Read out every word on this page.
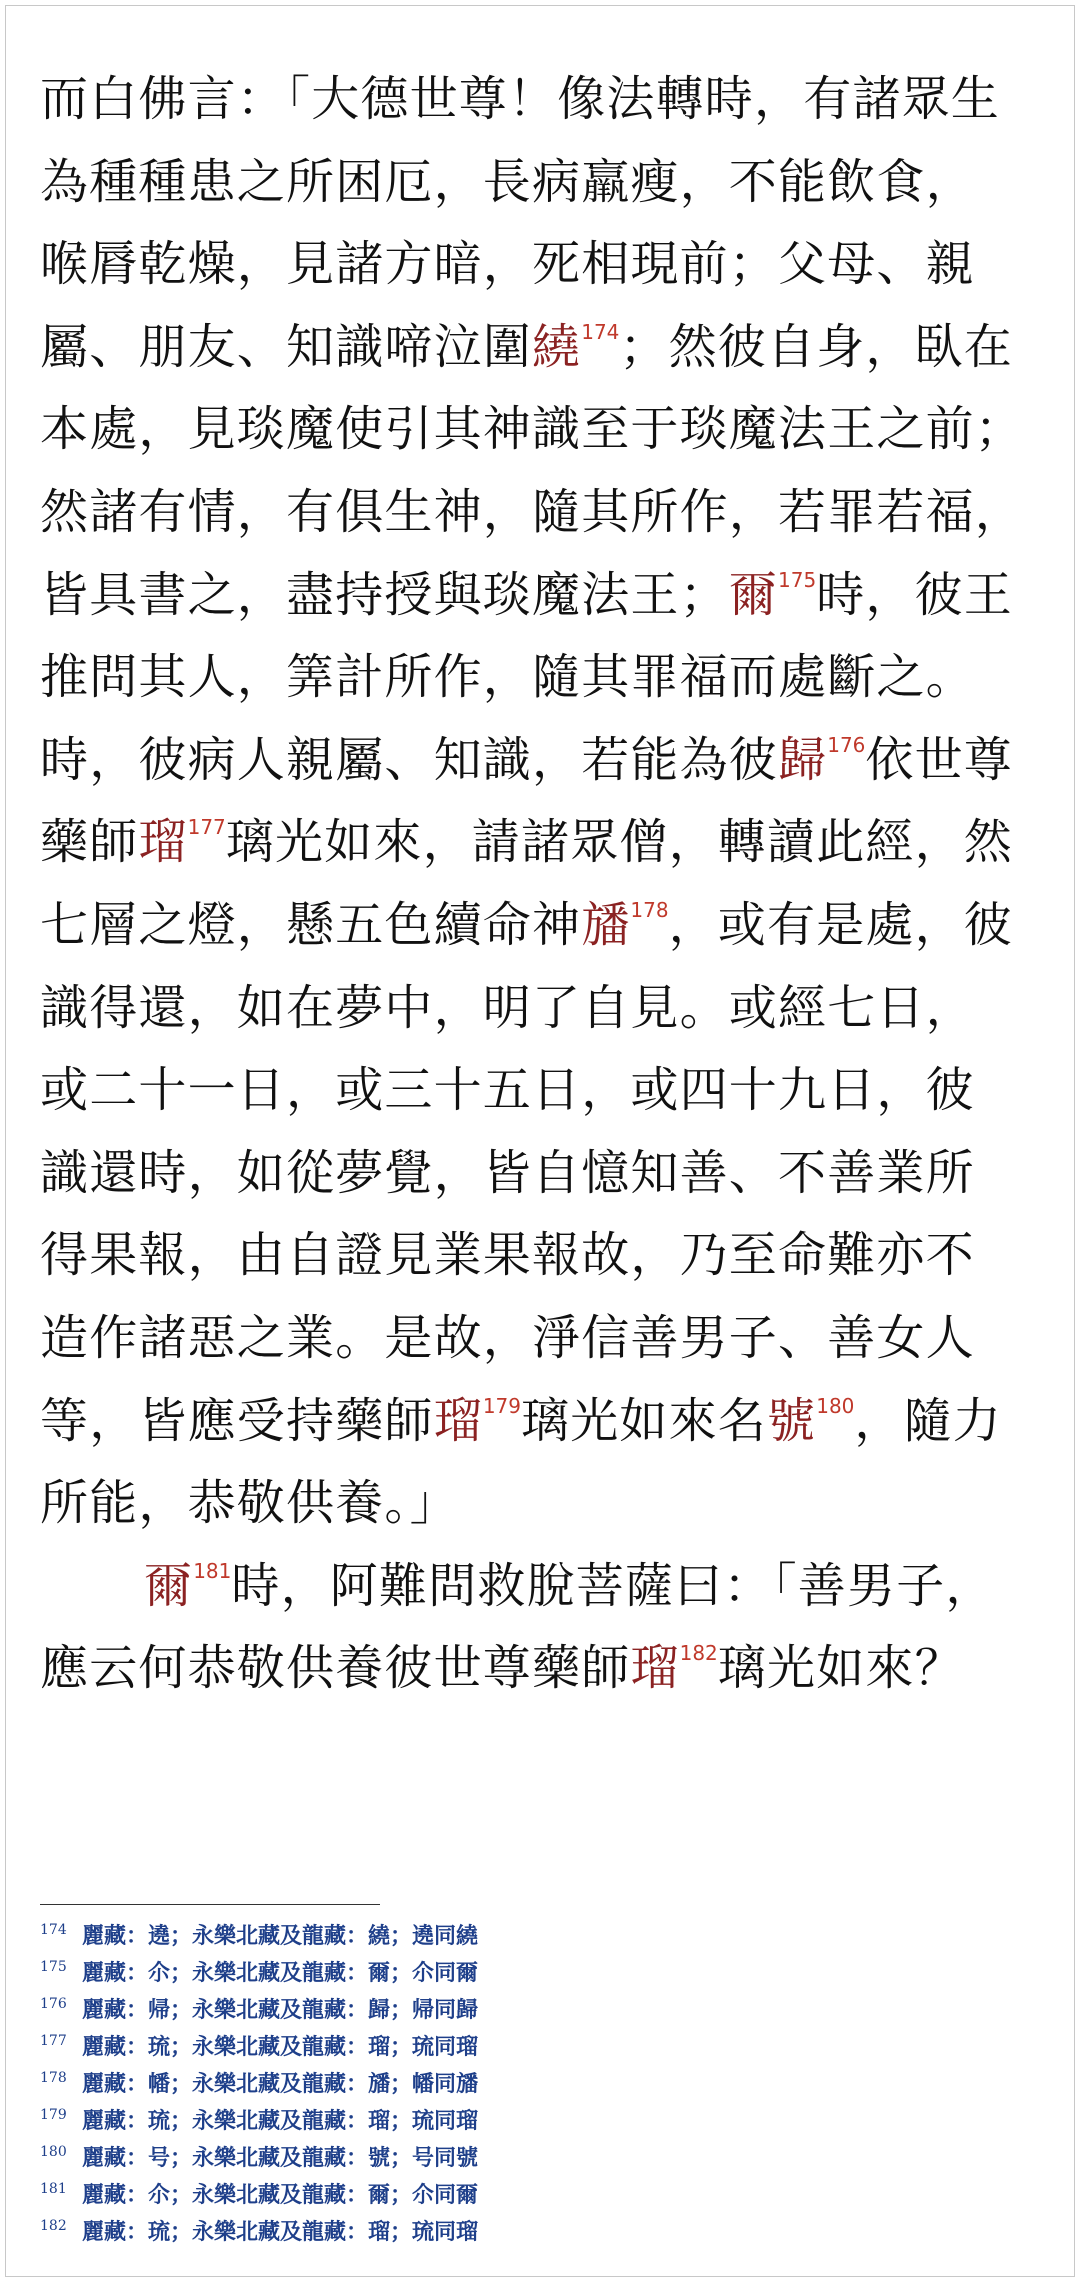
而白佛言：「大德世尊！像法轉時，有諸眾生
為種種患之所困厄，長病羸瘦，不能飲食，
喉脣乾燥，見諸方暗，死相現前；父母、親
屬、朋友、知識啼泣圍繞$^{174}$；然彼自身，臥在
本處，見琰魔使引其神識至于琰魔法王之前；
然諸有情，有俱生神，隨其所作，若罪若福，
皆具書之，盡持授與琰魔法王；爾$^{175}$時，彼王
推問其人，筭計所作，隨其罪福而處斷之。
時，彼病人親屬、知識，若能為彼歸$^{176}$依世尊
藥師瑠$^{177}$璃光如來，請諸眾僧，轉讀此經，然
七層之燈，懸五色續命神旙$^{178}$，或有是處，彼
識得還，如在夢中，明了自見。或經七日，
或二十一日，或三十五日，或四十九日，彼
識還時，如從夢覺，皆自憶知善、不善業所
得果報，由自證見業果報故，乃至命難亦不
造作諸惡之業。是故，淨信善男子、善女人
等，皆應受持藥師瑠$^{179}$璃光如來名號$^{180}$，隨力
所能，恭敬供養。」

爾$^{181}$時，阿難問救脫菩薩曰：「善男子，
應云何恭敬供養彼世尊藥師瑠$^{182}$璃光如來？

174 麗藏：遶；永樂北藏及龍藏：繞；遶同繞
175 麗藏：尒；永樂北藏及龍藏：爾；尒同爾
176 麗藏：帰；永樂北藏及龍藏：歸；帰同歸
177 麗藏：琉；永樂北藏及龍藏：瑠；琉同瑠
178 麗藏：幡；永樂北藏及龍藏：旙；幡同旙
179 麗藏：琉；永樂北藏及龍藏：瑠；琉同瑠
180 麗藏：号；永樂北藏及龍藏：號；号同號
181 麗藏：尒；永樂北藏及龍藏：爾；尒同爾
182 麗藏：琉；永樂北藏及龍藏：瑠；琉同瑠
